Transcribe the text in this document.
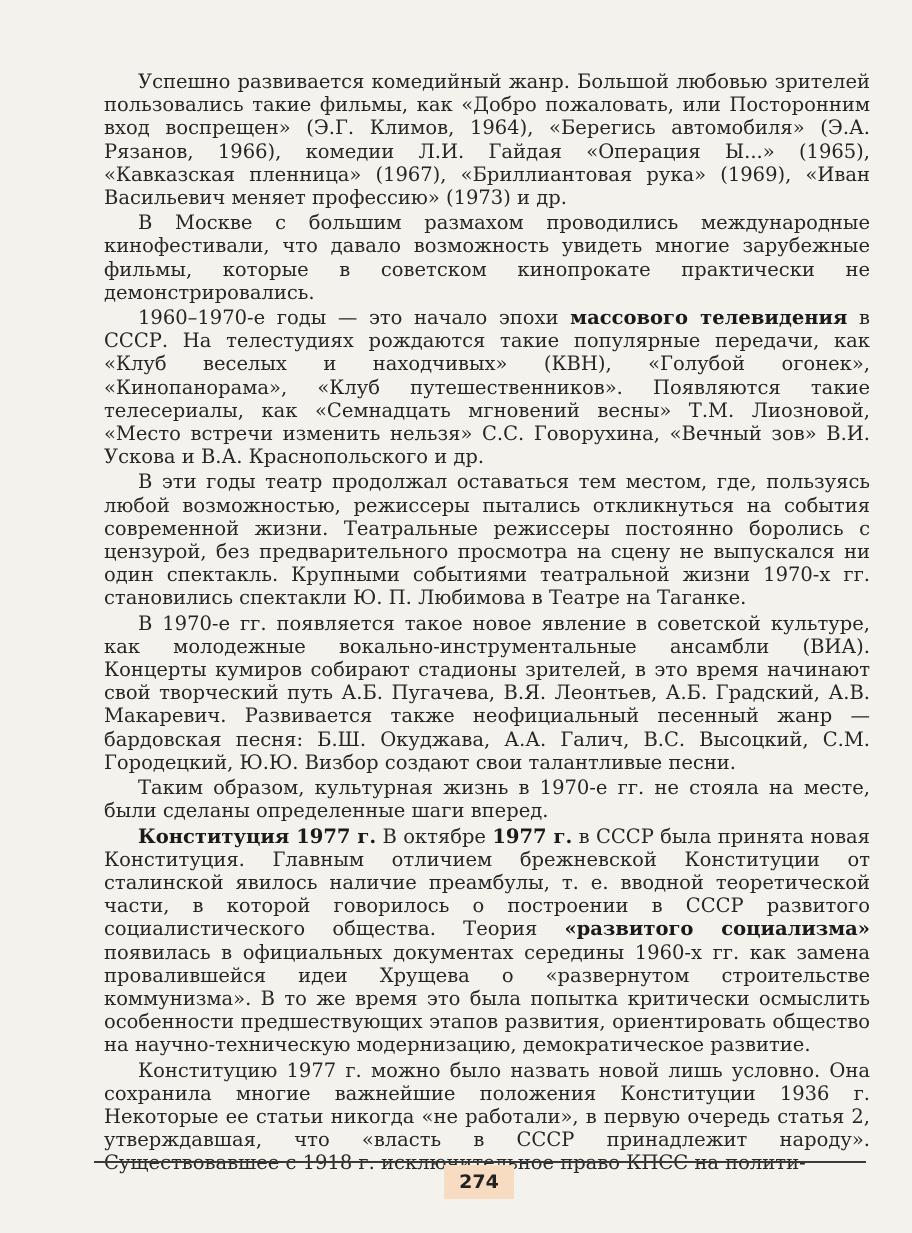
Успешно развивается комедийный жанр. Большой любовью зрителей пользовались такие фильмы, как «Добро пожаловать, или Посторонним вход воспрещен» (Э.Г. Климов, 1964), «Берегись автомобиля» (Э.А. Рязанов, 1966), комедии Л.И. Гайдая «Операция Ы...» (1965), «Кавказская пленница» (1967), «Бриллиантовая рука» (1969), «Иван Васильевич меняет профессию» (1973) и др.

В Москве с большим размахом проводились международные кинофестивали, что давало возможность увидеть многие зарубежные фильмы, которые в советском кинопрокате практически не демонстрировались.

1960–1970-е годы — это начало эпохи массового телевидения в СССР. На телестудиях рождаются такие популярные передачи, как «Клуб веселых и находчивых» (КВН), «Голубой огонек», «Кинопанорама», «Клуб путешественников». Появляются такие телесериалы, как «Семнадцать мгновений весны» Т.М. Лиозновой, «Место встречи изменить нельзя» С.С. Говорухина, «Вечный зов» В.И. Ускова и В.А. Краснопольского и др.

В эти годы театр продолжал оставаться тем местом, где, пользуясь любой возможностью, режиссеры пытались откликнуться на события современной жизни. Театральные режиссеры постоянно боролись с цензурой, без предварительного просмотра на сцену не выпускался ни один спектакль. Крупными событиями театральной жизни 1970-х гг. становились спектакли Ю. П. Любимова в Театре на Таганке.

В 1970-е гг. появляется такое новое явление в советской культуре, как молодежные вокально-инструментальные ансамбли (ВИА). Концерты кумиров собирают стадионы зрителей, в это время начинают свой творческий путь А.Б. Пугачева, В.Я. Леонтьев, А.Б. Градский, А.В. Макаревич. Развивается также неофициальный песенный жанр — бардовская песня: Б.Ш. Окуджава, А.А. Галич, В.С. Высоцкий, С.М. Городецкий, Ю.Ю. Визбор создают свои талантливые песни.

Таким образом, культурная жизнь в 1970-е гг. не стояла на месте, были сделаны определенные шаги вперед.

Конституция 1977 г. В октябре 1977 г. в СССР была принята новая Конституция. Главным отличием брежневской Конституции от сталинской явилось наличие преамбулы, т. е. вводной теоретической части, в которой говорилось о построении в СССР развитого социалистического общества. Теория «развитого социализма» появилась в официальных документах середины 1960-х гг. как замена провалившейся идеи Хрущева о «развернутом строительстве коммунизма». В то же время это была попытка критически осмыслить особенности предшествующих этапов развития, ориентировать общество на научно-техническую модернизацию, демократическое развитие.

Конституцию 1977 г. можно было назвать новой лишь условно. Она сохранила многие важнейшие положения Конституции 1936 г. Некоторые ее статьи никогда «не работали», в первую очередь статья 2, утверждавшая, что «власть в СССР принадлежит народу». Существовавшее 1918 право КПСС на полити-

274
